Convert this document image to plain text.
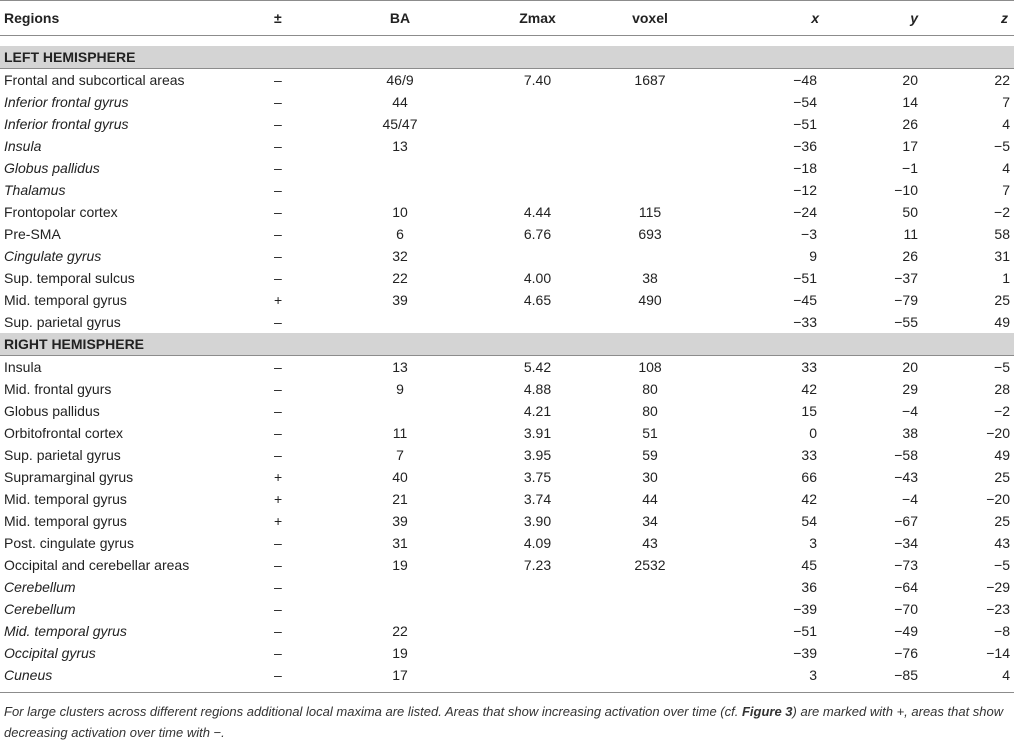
Regions	±	BA	Zmax	voxel	x	y	z

LEFT HEMISPHERE							
Frontal and subcortical areas	–	46/9	7.40	1687	−48	20	22
Inferior frontal gyrus	–	44			−54	14	7
Inferior frontal gyrus	–	45/47			−51	26	4
Insula	–	13			−36	17	−5
Globus pallidus	–				−18	−1	4
Thalamus	–				−12	−10	7
Frontopolar cortex	–	10	4.44	115	−24	50	−2
Pre-SMA	–	6	6.76	693	−3	11	58
Cingulate gyrus	–	32			9	26	31
Sup. temporal sulcus	–	22	4.00	38	−51	−37	1
Mid. temporal gyrus	+	39	4.65	490	−45	−79	25
Sup. parietal gyrus	–				−33	−55	49
RIGHT HEMISPHERE							
Insula	–	13	5.42	108	33	20	−5
Mid. frontal gyurs	–	9	4.88	80	42	29	28
Globus pallidus	–		4.21	80	15	−4	−2
Orbitofrontal cortex	–	11	3.91	51	0	38	−20
Sup. parietal gyrus	–	7	3.95	59	33	−58	49
Supramarginal gyrus	+	40	3.75	30	66	−43	25
Mid. temporal gyrus	+	21	3.74	44	42	−4	−20
Mid. temporal gyrus	+	39	3.90	34	54	−67	25
Post. cingulate gyrus	–	31	4.09	43	3	−34	43
Occipital and cerebellar areas	–	19	7.23	2532	45	−73	−5
Cerebellum	–				36	−64	−29
Cerebellum	–				−39	−70	−23
Mid. temporal gyrus	–	22			−51	−49	−8
Occipital gyrus	–	19			−39	−76	−14
Cuneus	–	17			3	−85	4
For large clusters across different regions additional local maxima are listed. Areas that show increasing activation over time (cf. Figure 3) are marked with +, areas that show decreasing activation over time with −.
